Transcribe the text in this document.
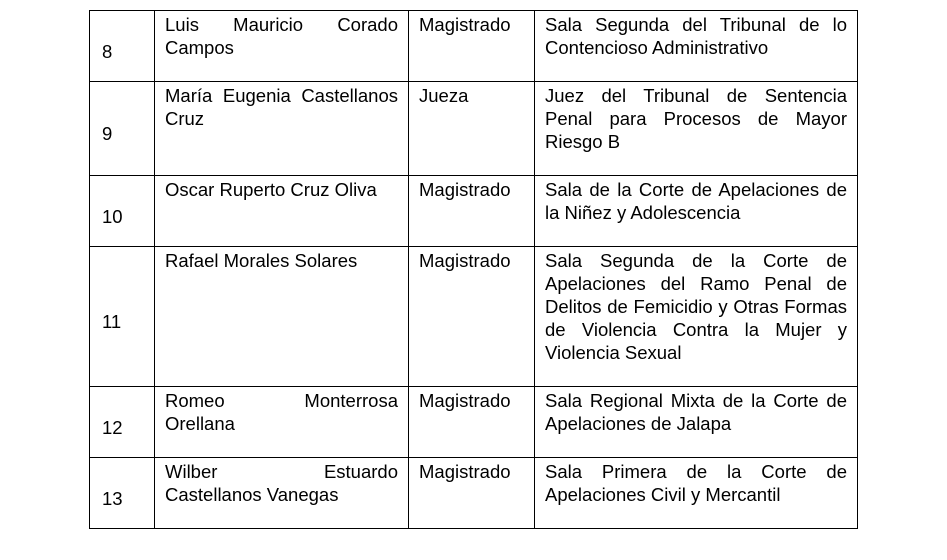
8	Luis Mauricio Corado Campos	Magistrado	Sala Segunda del Tribunal de lo Contencioso Administrativo
9	María Eugenia Castellanos Cruz	Jueza	Juez del Tribunal de Sentencia Penal para Procesos de Mayor Riesgo B
10	Oscar Ruperto Cruz Oliva	Magistrado	Sala de la Corte de Apelaciones de la Niñez y Adolescencia
11	Rafael Morales Solares	Magistrado	Sala Segunda de la Corte de Apelaciones del Ramo Penal de Delitos de Femicidio y Otras Formas de Violencia Contra la Mujer y Violencia Sexual
12	Romeo Monterrosa Orellana	Magistrado	Sala Regional Mixta de la Corte de Apelaciones de Jalapa
13	Wilber Estuardo Castellanos Vanegas	Magistrado	Sala Primera de la Corte de Apelaciones Civil y Mercantil
